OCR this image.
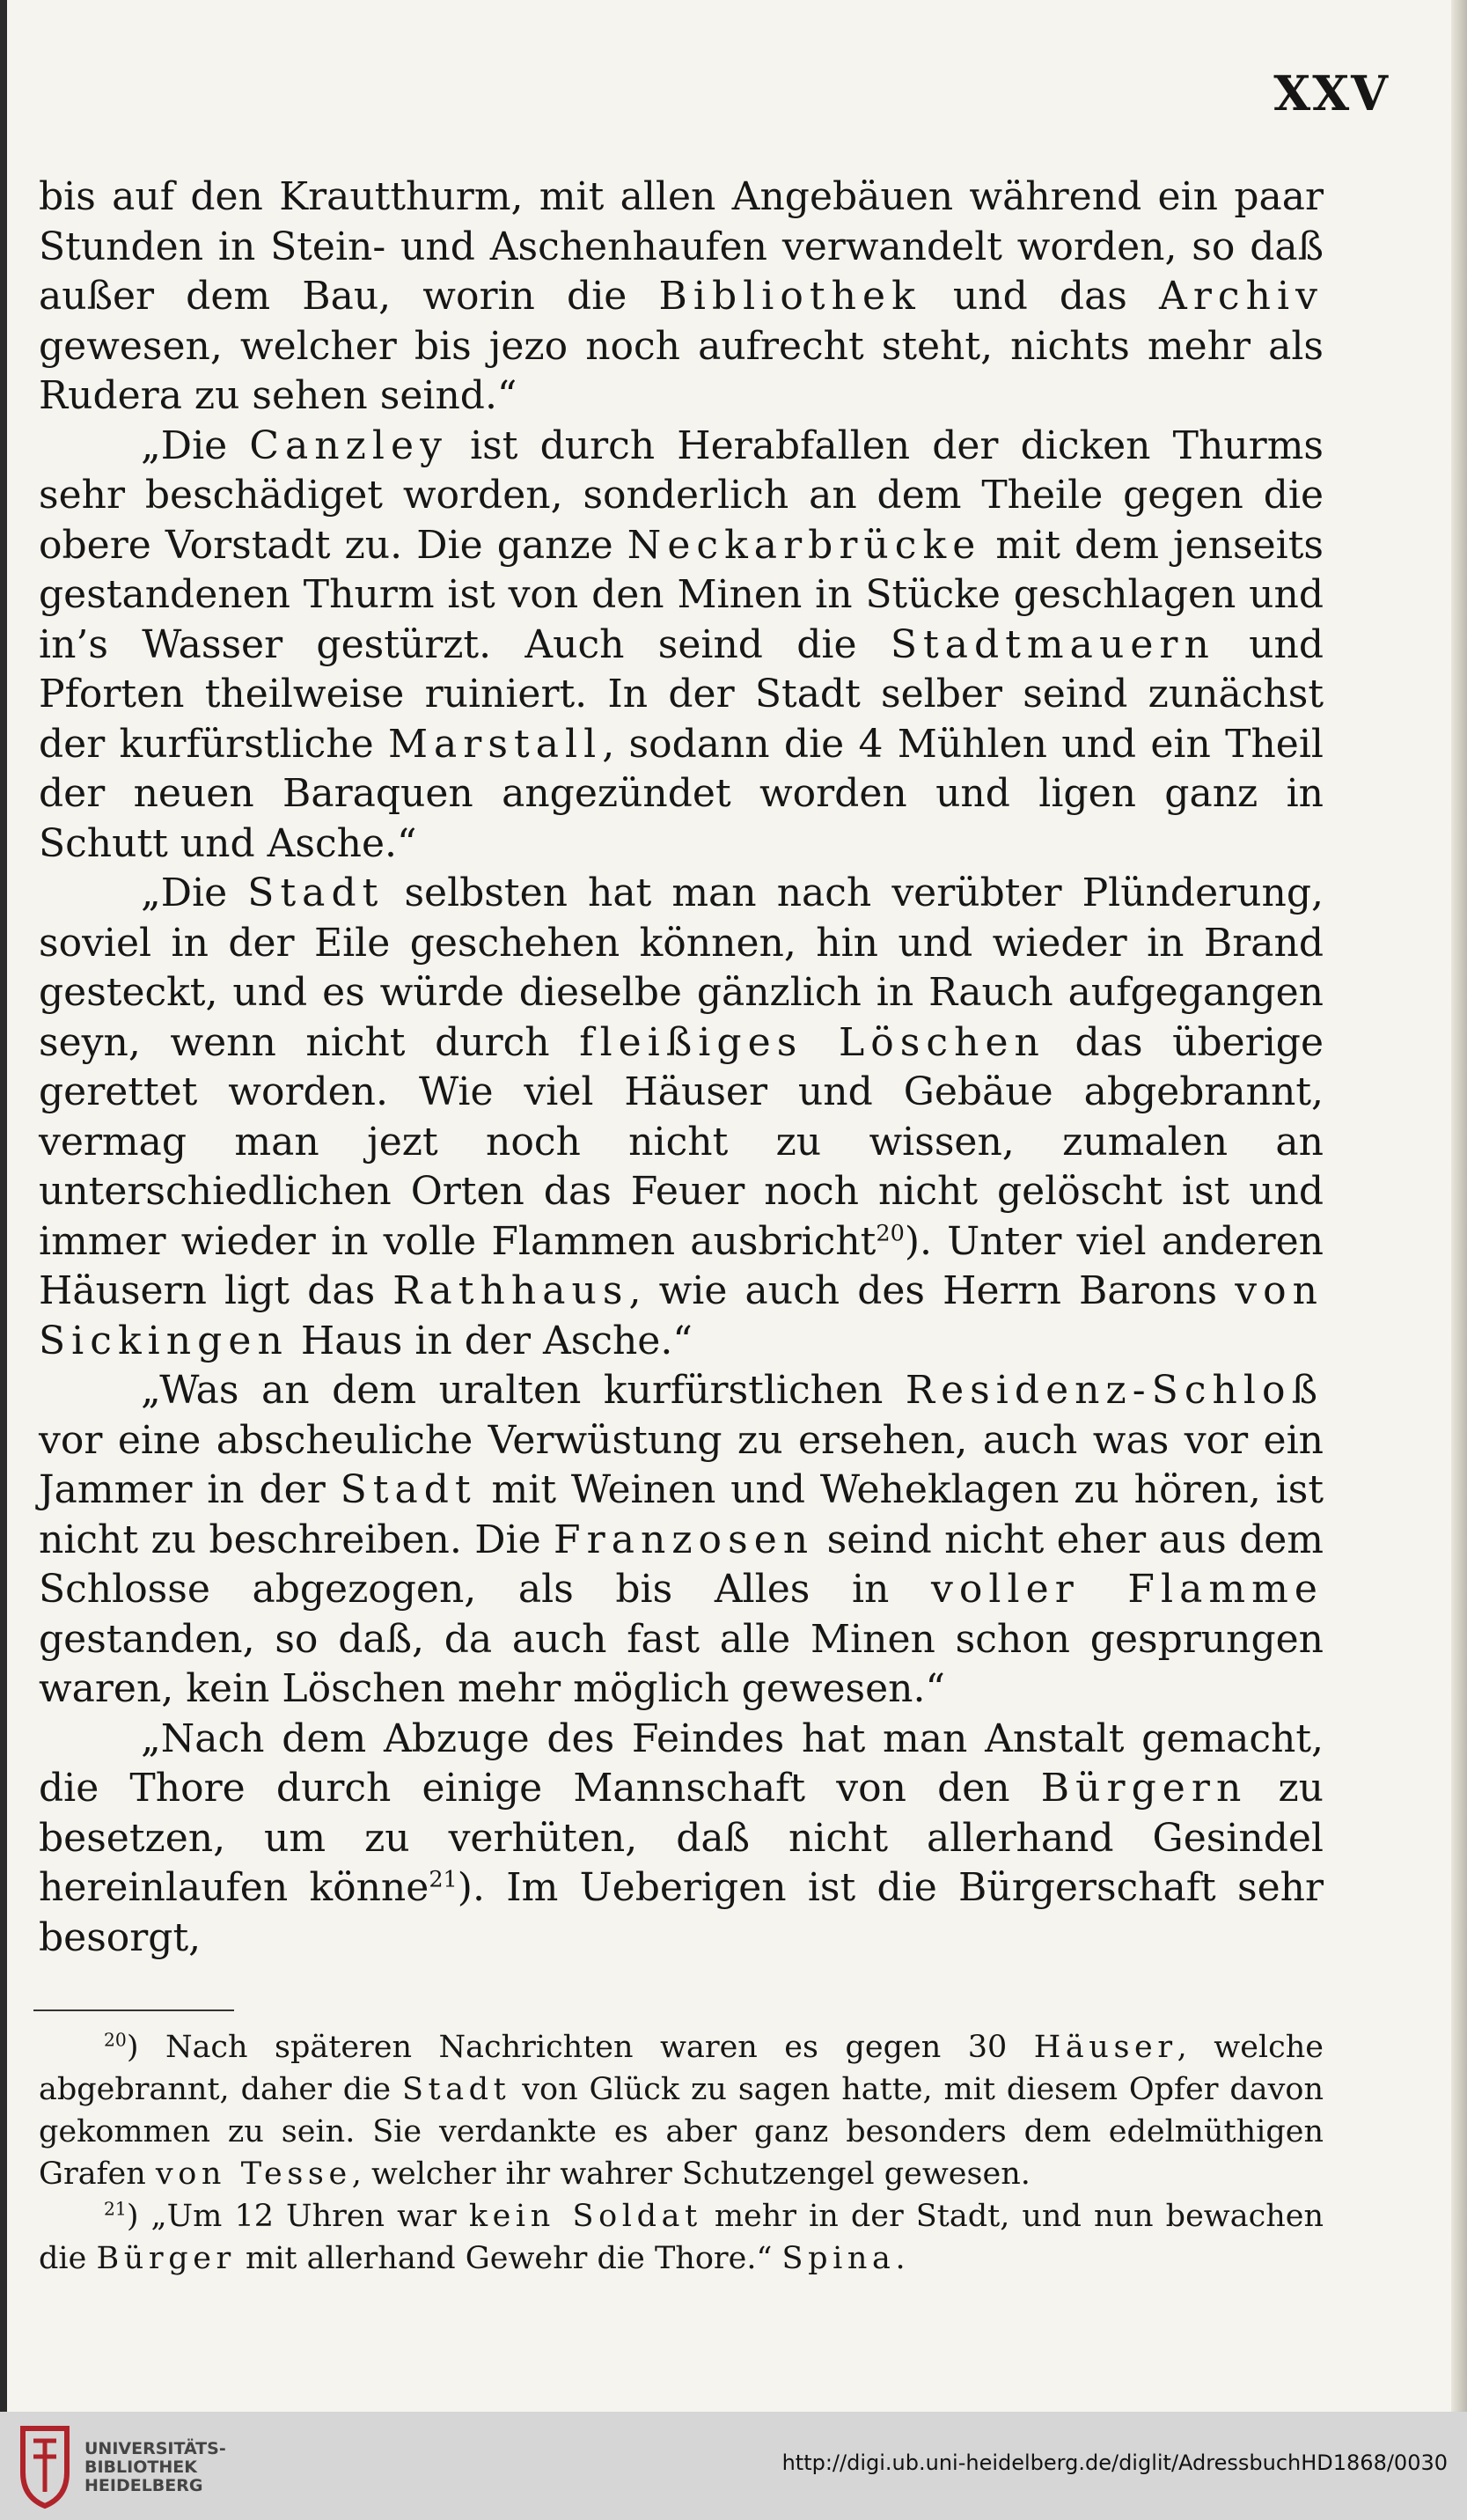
XXV

bis auf den Krautthurm, mit allen Angebäuen während ein paar Stunden in Stein- und Aschenhaufen verwandelt worden, so daß außer dem Bau, worin die Bibliothek und das Archiv gewesen, welcher bis jezo noch aufrecht steht, nichts mehr als Rudera zu sehen seind.“

„Die Canzley ist durch Herabfallen der dicken Thurms sehr beschädiget worden, sonderlich an dem Theile gegen die obere Vorstadt zu. Die ganze Neckarbrücke mit dem jenseits gestandenen Thurm ist von den Minen in Stücke geschlagen und in’s Wasser gestürzt. Auch seind die Stadtmauern und Pforten theilweise ruiniert. In der Stadt selber seind zunächst der kurfürstliche Marstall, sodann die 4 Mühlen und ein Theil der neuen Baraquen angezündet worden und ligen ganz in Schutt und Asche.“

„Die Stadt selbsten hat man nach verübter Plünderung, soviel in der Eile geschehen können, hin und wieder in Brand gesteckt, und es würde dieselbe gänzlich in Rauch aufgegangen seyn, wenn nicht durch fleißiges Löschen das überige gerettet worden. Wie viel Häuser und Gebäue abgebrannt, vermag man jezt noch nicht zu wissen, zumalen an unterschiedlichen Orten das Feuer noch nicht gelöscht ist und immer wieder in volle Flammen ausbricht$^{20}$). Unter viel anderen Häusern ligt das Rathhaus, wie auch des Herrn Barons von Sickingen Haus in der Asche.“

„Was an dem uralten kurfürstlichen Residenz-Schloß vor eine abscheuliche Verwüstung zu ersehen, auch was vor ein Jammer in der Stadt mit Weinen und Weheklagen zu hören, ist nicht zu beschreiben. Die Franzosen seind nicht eher aus dem Schlosse abgezogen, als bis Alles in voller Flamme gestanden, so daß, da auch fast alle Minen schon gesprungen waren, kein Löschen mehr möglich gewesen.“

„Nach dem Abzuge des Feindes hat man Anstalt gemacht, die Thore durch einige Mannschaft von den Bürgern zu besetzen, um zu verhüten, daß nicht allerhand Gesindel hereinlaufen könne$^{21}$). Im Ueberigen ist die Bürgerschaft sehr besorgt,

$^{20}$) Nach späteren Nachrichten waren es gegen 30 Häuser, welche abgebrannt, daher die Stadt von Glück zu sagen hatte, mit diesem Opfer davon gekommen zu sein. Sie verdankte es aber ganz besonders dem edelmüthigen Grafen von Tesse, welcher ihr wahrer Schutzengel gewesen.

$^{21}$) „Um 12 Uhren war kein Soldat mehr in der Stadt, und nun bewachen die Bürger mit allerhand Gewehr die Thore.“ Spina.

UNIVERSITÄTS-
BIBLIOTHEK
HEIDELBERG
http://digi.ub.uni-heidelberg.de/diglit/AdressbuchHD1868/0030
